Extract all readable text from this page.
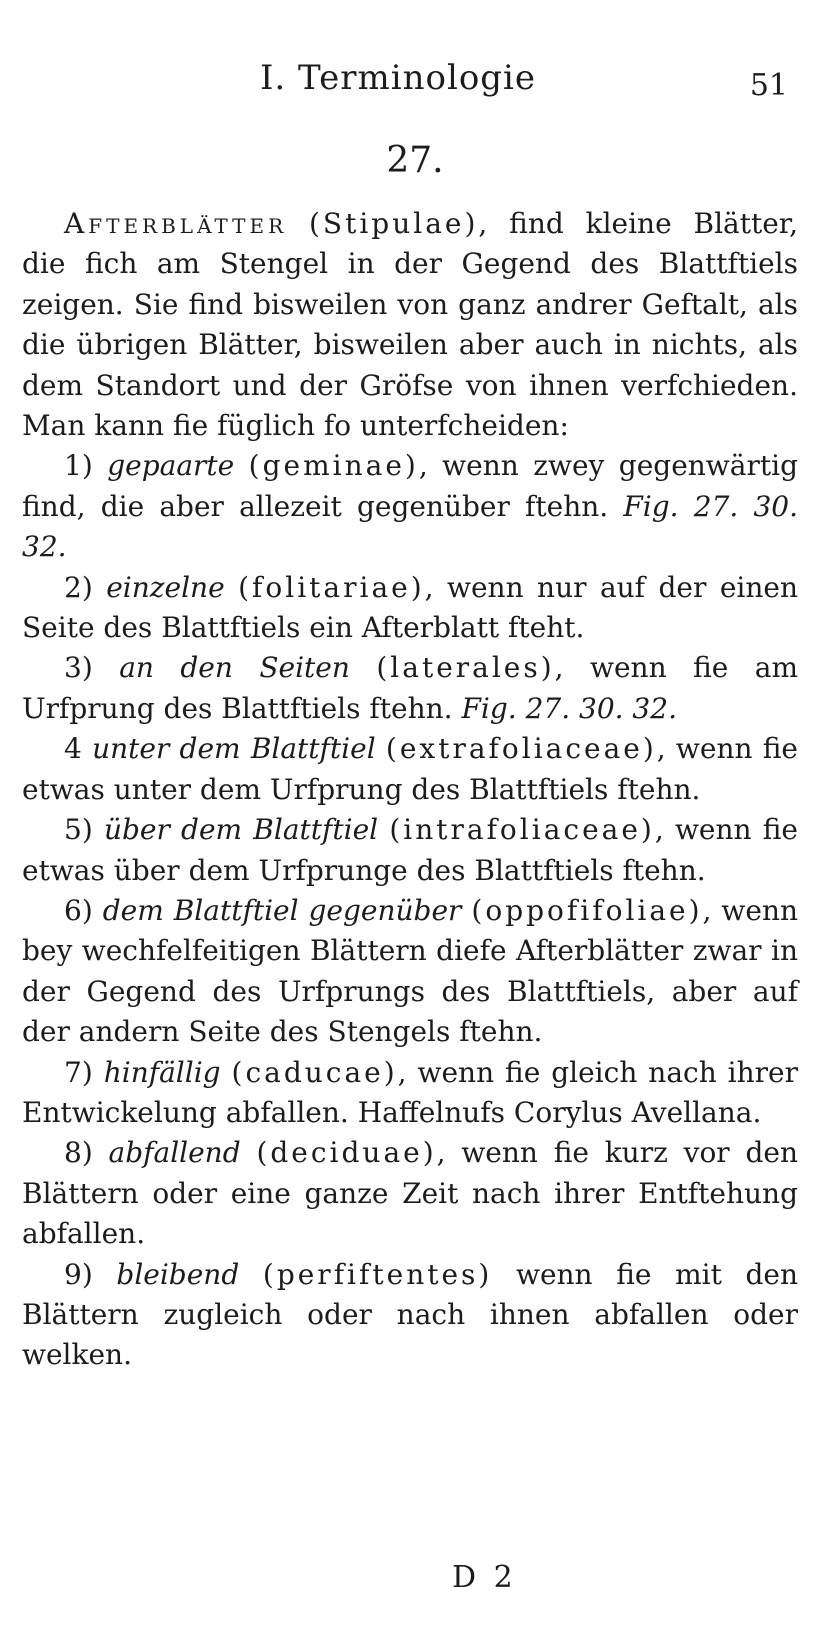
I. Terminologie	51
27.

Afterblätter (Stipulae), find kleine Blätter, die fich am Stengel in der Gegend des Blattftiels zeigen. Sie find bisweilen von ganz andrer Geftalt, als die übrigen Blätter, bisweilen aber auch in nichts, als dem Standort und der Gröfse von ihnen verfchieden. Man kann fie füglich fo unterfcheiden:

1) gepaarte (geminae), wenn zwey gegenwärtig find, die aber allezeit gegenüber ftehn. Fig. 27. 30. 32.

2) einzelne (folitariae), wenn nur auf der einen Seite des Blattftiels ein Afterblatt fteht.

3) an den Seiten (laterales), wenn fie am Urfprung des Blattftiels ftehn. Fig. 27. 30. 32.

4 unter dem Blattftiel (extrafoliaceae), wenn fie etwas unter dem Urfprung des Blattftiels ftehn.

5) über dem Blattftiel (intrafoliaceae), wenn fie etwas über dem Urfprunge des Blattftiels ftehn.

6) dem Blattftiel gegenüber (oppofifoliae), wenn bey wechfelfeitigen Blättern diefe Afterblätter zwar in der Gegend des Urfprungs des Blattftiels, aber auf der andern Seite des Stengels ftehn.

7) hinfällig (caducae), wenn fie gleich nach ihrer Entwickelung abfallen. Haffelnufs Corylus Avellana.

8) abfallend (deciduae), wenn fie kurz vor den Blättern oder eine ganze Zeit nach ihrer Entftehung abfallen.

9) bleibend (perfiftentes) wenn fie mit den Blättern zugleich oder nach ihnen abfallen oder welken.

D 2
